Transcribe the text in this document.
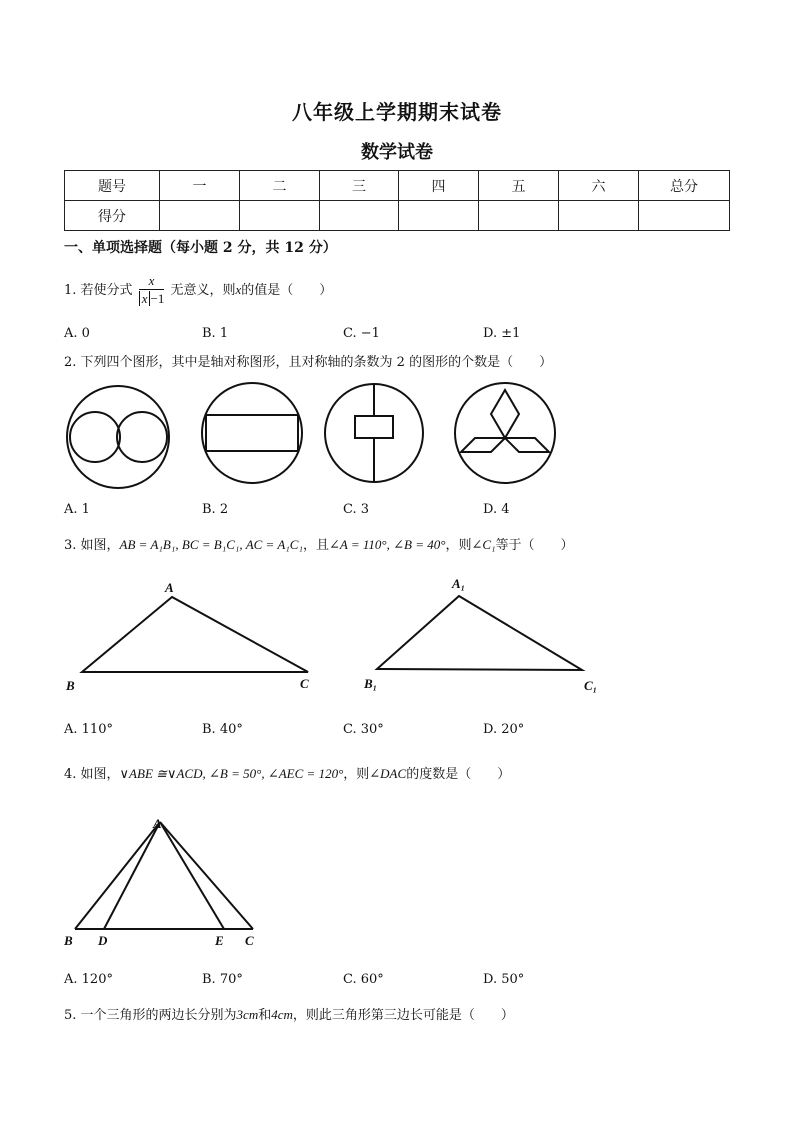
八年级上学期期末试卷
数学试卷
题号	一	二	三	四	五	六	总分
得分							
一、单项选择题（每小题 2 分，共 12 分）
1. 若使分式 $\frac{x}{x -1}$ 无意义，则x的值是（　　）
A. 0	B. 1	C. −1	D. ±1
2. 下列四个图形，其中是轴对称图形，且对称轴的条数为 2 的图形的个数是（　　）
A. 1	B. 2	C. 3	D. 4
3. 如图，AB = A₁B₁, BC = B₁C₁, AC = A₁C₁，且∠A = 110°, ∠B = 40°，则∠C₁等于（　　）
A
B	C
A₁
B₁	C₁
A. 110°	B. 40°	C. 30°	D. 20°
4. 如图，∨ABE ≅∨ACD, ∠B = 50°, ∠AEC = 120°，则∠DAC的度数是（　　）
A
B D	E C
A. 120°	B. 70°	C. 60°	D. 50°
5. 一个三角形的两边长分别为3cm和4cm，则此三角形第三边长可能是（　　）
